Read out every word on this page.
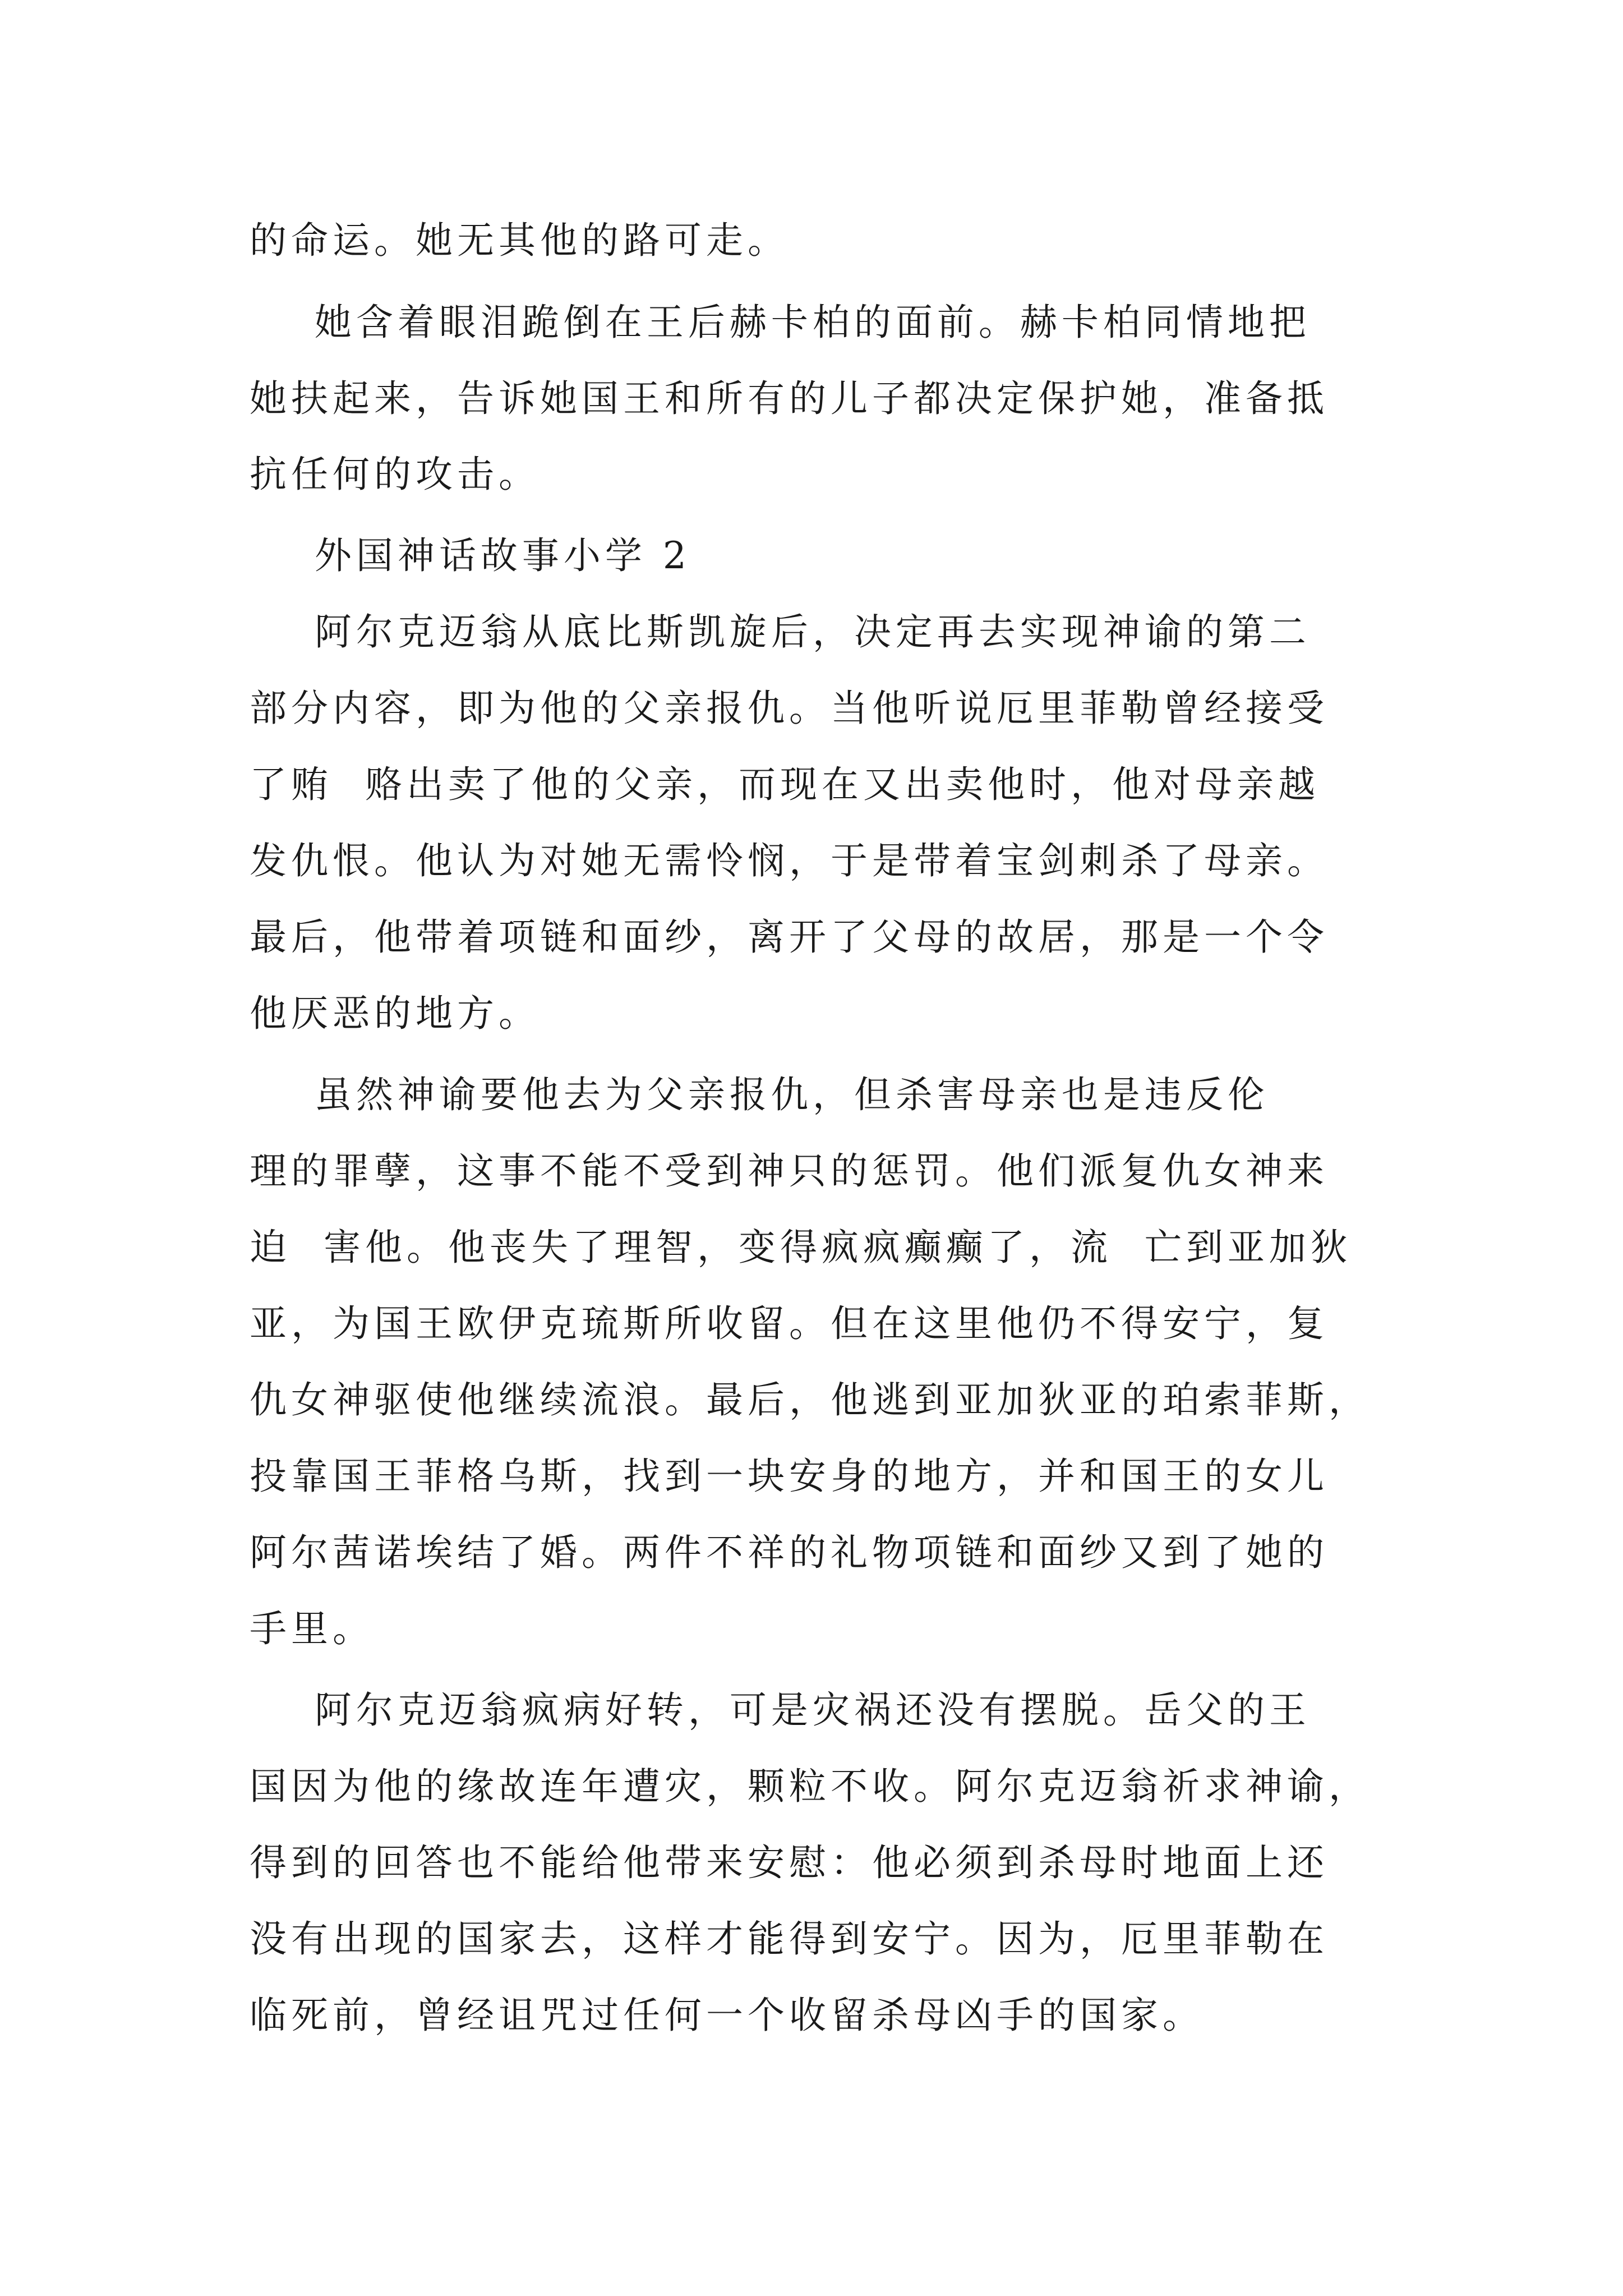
的命运。她无其他的路可走。
她含着眼泪跪倒在王后赫卡柏的面前。赫卡柏同情地把
她扶起来，告诉她国王和所有的儿子都决定保护她，准备抵
抗任何的攻击。
外国神话故事小学 2
阿尔克迈翁从底比斯凯旋后，决定再去实现神谕的第二
部分内容，即为他的父亲报仇。当他听说厄里菲勒曾经接受
了贿  赂出卖了他的父亲，而现在又出卖他时，他对母亲越
发仇恨。他认为对她无需怜悯，于是带着宝剑刺杀了母亲。
最后，他带着项链和面纱，离开了父母的故居，那是一个令
他厌恶的地方。
虽然神谕要他去为父亲报仇，但杀害母亲也是违反伦
理的罪孽，这事不能不受到神只的惩罚。他们派复仇女神来
迫  害他。他丧失了理智，变得疯疯癫癫了，流  亡到亚加狄
亚，为国王欧伊克琉斯所收留。但在这里他仍不得安宁，复
仇女神驱使他继续流浪。最后，他逃到亚加狄亚的珀索菲斯，
投靠国王菲格乌斯，找到一块安身的地方，并和国王的女儿
阿尔茜诺埃结了婚。两件不祥的礼物项链和面纱又到了她的
手里。
阿尔克迈翁疯病好转，可是灾祸还没有摆脱。岳父的王
国因为他的缘故连年遭灾，颗粒不收。阿尔克迈翁祈求神谕，
得到的回答也不能给他带来安慰：他必须到杀母时地面上还
没有出现的国家去，这样才能得到安宁。因为，厄里菲勒在
临死前，曾经诅咒过任何一个收留杀母凶手的国家。
